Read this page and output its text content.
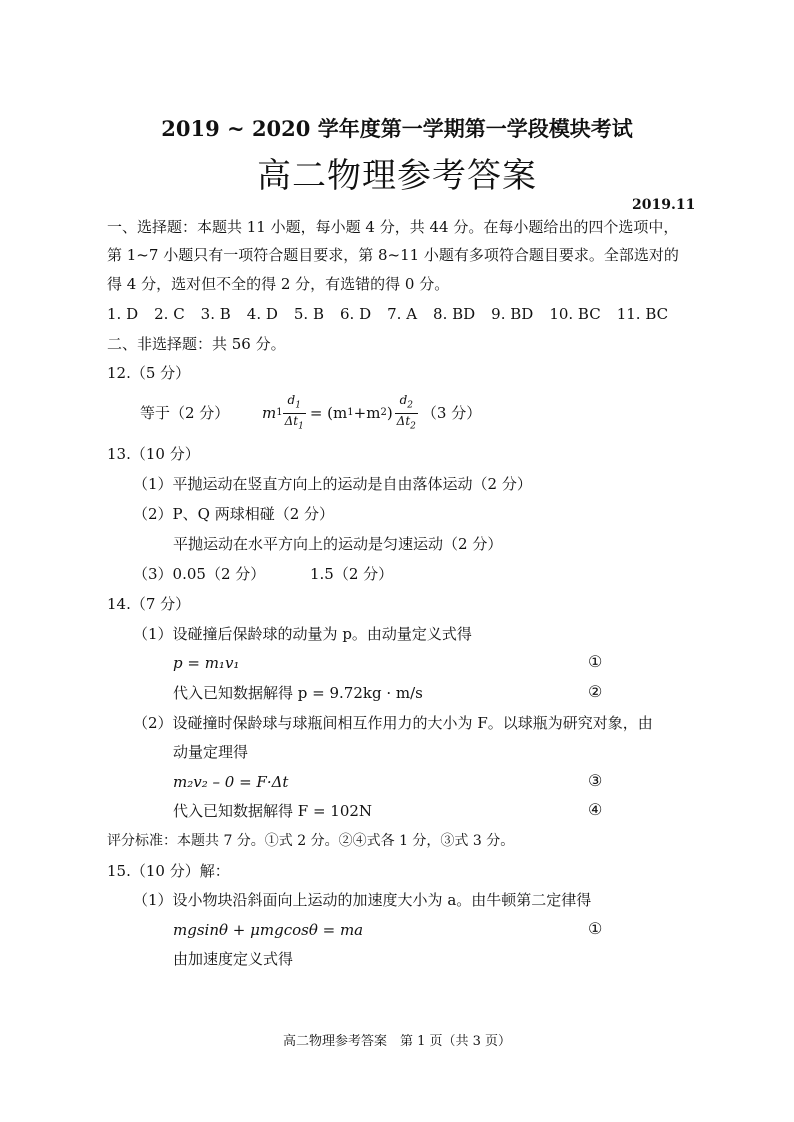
2019 ~ 2020 学年度第一学期第一学段模块考试
高二物理参考答案
2019.11
一、选择题：本题共 11 小题，每小题 4 分，共 44 分。在每小题给出的四个选项中，
第 1~7 小题只有一项符合题目要求，第 8~11 小题有多项符合题目要求。全部选对的
得 4 分，选对但不全的得 2 分，有选错的得 0 分。
1. D 2. C 3. B 4. D 5. B 6. D 7. A 8. BD 9. BD 10. BC 11. BC
二、非选择题：共 56 分。
12.（5 分）
等于（2 分） m $1 \frac{d_1}{\Delta t_1} = (m$ 1 +m 2 ) $\frac{d_2}{\Delta t_2} (3$ 分）
13.（10 分）
（1）平抛运动在竖直方向上的运动是自由落体运动（2 分）
（2）P、Q 两球相碰（2 分）
平抛运动在水平方向上的运动是匀速运动（2 分）
（3）0.05（2 分）	1.5（2 分）
14.（7 分）
（1）设碰撞后保龄球的动量为 p。由动量定义式得
p = m₁v₁	①
代入已知数据解得 p = 9.72kg · m/s	②
（2）设碰撞时保龄球与球瓶间相互作用力的大小为 F。以球瓶为研究对象，由
动量定理得
m₂v₂ – 0 = F·Δt	③
代入已知数据解得 F = 102N	④
评分标准：本题共 7 分。①式 2 分。②④式各 1 分，③式 3 分。
15.（10 分）解：
（1）设小物块沿斜面向上运动的加速度大小为 a。由牛顿第二定律得
mgsinθ + μmgcosθ = ma	①
由加速度定义式得
高二物理参考答案　第 1 页（共 3 页）
